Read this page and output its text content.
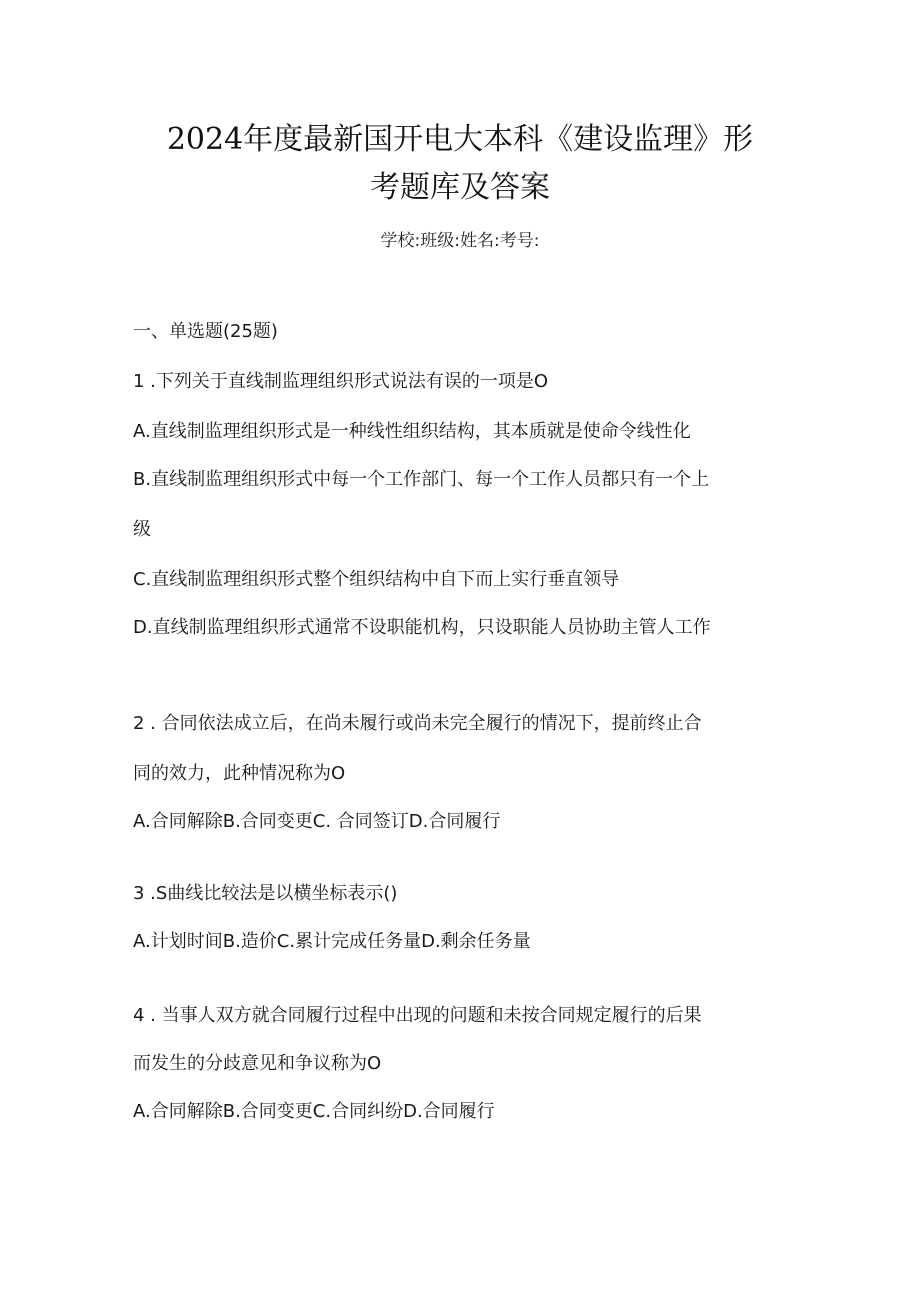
2024年度最新国开电大本科《建设监理》形
考题库及答案
学校:班级:姓名:考号:
一、单选题(25题)
1 .下列关于直线制监理组织形式说法有误的一项是O
A.直线制监理组织形式是一种线性组织结构，其本质就是使命令线性化
B.直线制监理组织形式中每一个工作部门、每一个工作人员都只有一个上
级
C.直线制监理组织形式整个组织结构中自下而上实行垂直领导
D.直线制监理组织形式通常不设职能机构，只设职能人员协助主管人工作
2 . 合同依法成立后，在尚未履行或尚未完全履行的情况下，提前终止合
同的效力，此种情况称为O
A.合同解除B.合同变更C. 合同签订D.合同履行
3 .S曲线比较法是以横坐标表示()
A.计划时间B.造价C.累计完成任务量D.剩余任务量
4 . 当事人双方就合同履行过程中出现的问题和未按合同规定履行的后果
而发生的分歧意见和争议称为O
A.合同解除B.合同变更C.合同纠纷D.合同履行
